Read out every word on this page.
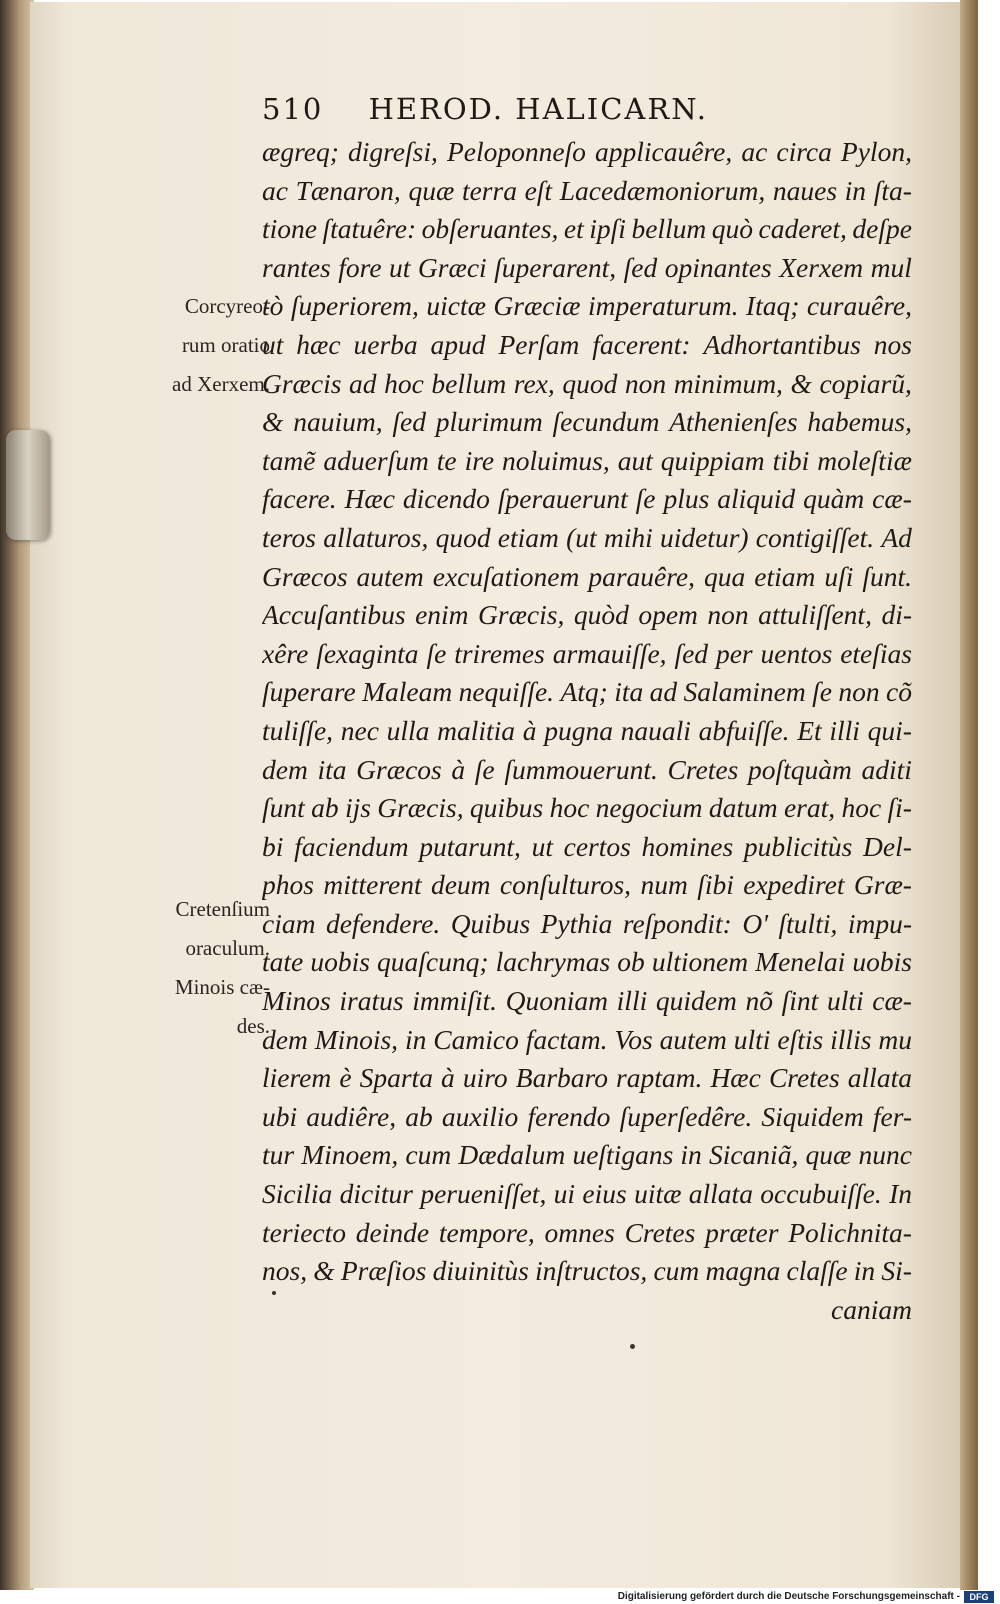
510 HEROD. HALICARN.
Corcyreo-
rum oratio
ad Xerxem.
Cretenſium
oraculum.
Minois cæ-
des.
ægreq; digreſsi, Peloponneſo applicauêre, ac circa Pylon,
ac Tænaron, quæ terra eſt Lacedæmoniorum, naues in ſta-
tione ſtatuêre: obſeruantes, et ipſi bellum quò caderet, deſpe
rantes fore ut Græci ſuperarent, ſed opinantes Xerxem mul
tò ſuperiorem, uictæ Græciæ imperaturum. Itaq; curauêre,
ut hæc uerba apud Perſam facerent: Adhortantibus nos
Græcis ad hoc bellum rex, quod non minimum, & copiarũ,
& nauium, ſed plurimum ſecundum Athenienſes habemus,
tamẽ aduerſum te ire noluimus, aut quippiam tibi moleſtiæ
facere. Hæc dicendo ſperauerunt ſe plus aliquid quàm cæ-
teros allaturos, quod etiam (ut mihi uidetur) contigiſſet. Ad
Græcos autem excuſationem parauêre, qua etiam uſi ſunt.
Accuſantibus enim Græcis, quòd opem non attuliſſent, di-
xêre ſexaginta ſe triremes armauiſſe, ſed per uentos eteſias
ſuperare Maleam nequiſſe. Atq; ita ad Salaminem ſe non cõ
tuliſſe, nec ulla malitia à pugna nauali abfuiſſe. Et illi qui-
dem ita Græcos à ſe ſummouerunt. Cretes poſtquàm aditi
ſunt ab ijs Græcis, quibus hoc negocium datum erat, hoc ſi-
bi faciendum putarunt, ut certos homines publicitùs Del-
phos mitterent deum conſulturos, num ſibi expediret Græ-
ciam defendere. Quibus Pythia reſpondit: O' ſtulti, impu-
tate uobis quaſcunq; lachrymas ob ultionem Menelai uobis
Minos iratus immiſit. Quoniam illi quidem nõ ſint ulti cæ-
dem Minois, in Camico factam. Vos autem ulti eſtis illis mu
lierem è Sparta à uiro Barbaro raptam. Hæc Cretes allata
ubi audiêre, ab auxilio ferendo ſuperſedêre. Siquidem fer-
tur Minoem, cum Dædalum ueſtigans in Sicaniã, quæ nunc
Sicilia dicitur perueniſſet, ui eius uitæ allata occubuiſſe. In
teriecto deinde tempore, omnes Cretes præter Polichnita-
nos, & Præſios diuinitùs inſtructos, cum magna claſſe in Si-
caniam
Digitalisierung gefördert durch die Deutsche Forschungsgemeinschaft -	DFG
